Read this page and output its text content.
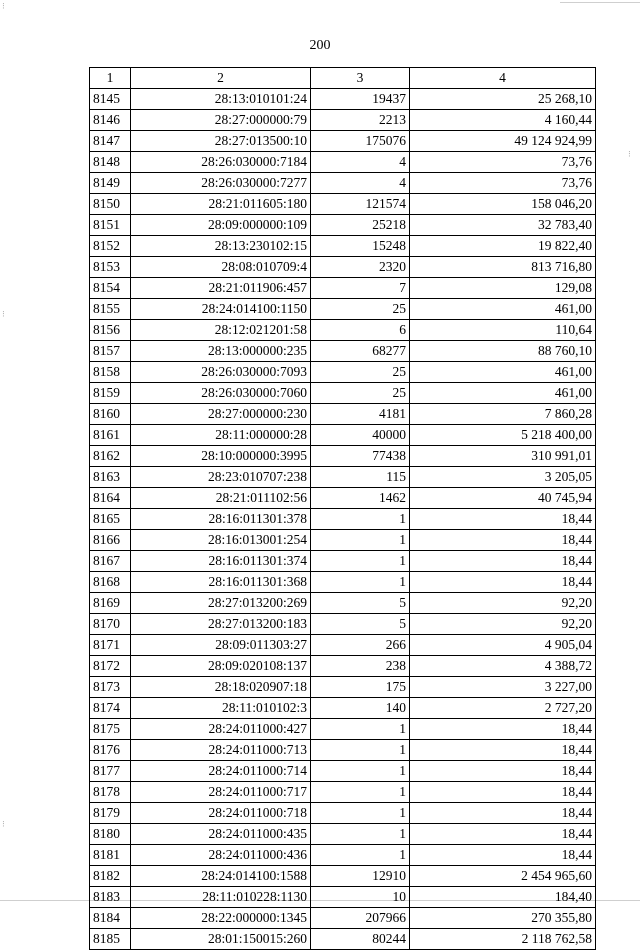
⁝
⁝
⁝
⁝
200
1	2	3	4
8145	28:13:010101:24	19437	25 268,10
8146	28:27:000000:79	2213	4 160,44
8147	28:27:013500:10	175076	49 124 924,99
8148	28:26:030000:7184	4	73,76
8149	28:26:030000:7277	4	73,76
8150	28:21:011605:180	121574	158 046,20
8151	28:09:000000:109	25218	32 783,40
8152	28:13:230102:15	15248	19 822,40
8153	28:08:010709:4	2320	813 716,80
8154	28:21:011906:457	7	129,08
8155	28:24:014100:1150	25	461,00
8156	28:12:021201:58	6	110,64
8157	28:13:000000:235	68277	88 760,10
8158	28:26:030000:7093	25	461,00
8159	28:26:030000:7060	25	461,00
8160	28:27:000000:230	4181	7 860,28
8161	28:11:000000:28	40000	5 218 400,00
8162	28:10:000000:3995	77438	310 991,01
8163	28:23:010707:238	115	3 205,05
8164	28:21:011102:56	1462	40 745,94
8165	28:16:011301:378	1	18,44
8166	28:16:013001:254	1	18,44
8167	28:16:011301:374	1	18,44
8168	28:16:011301:368	1	18,44
8169	28:27:013200:269	5	92,20
8170	28:27:013200:183	5	92,20
8171	28:09:011303:27	266	4 905,04
8172	28:09:020108:137	238	4 388,72
8173	28:18:020907:18	175	3 227,00
8174	28:11:010102:3	140	2 727,20
8175	28:24:011000:427	1	18,44
8176	28:24:011000:713	1	18,44
8177	28:24:011000:714	1	18,44
8178	28:24:011000:717	1	18,44
8179	28:24:011000:718	1	18,44
8180	28:24:011000:435	1	18,44
8181	28:24:011000:436	1	18,44
8182	28:24:014100:1588	12910	2 454 965,60
8183	28:11:010228:1130	10	184,40
8184	28:22:000000:1345	207966	270 355,80
8185	28:01:150015:260	80244	2 118 762,58
